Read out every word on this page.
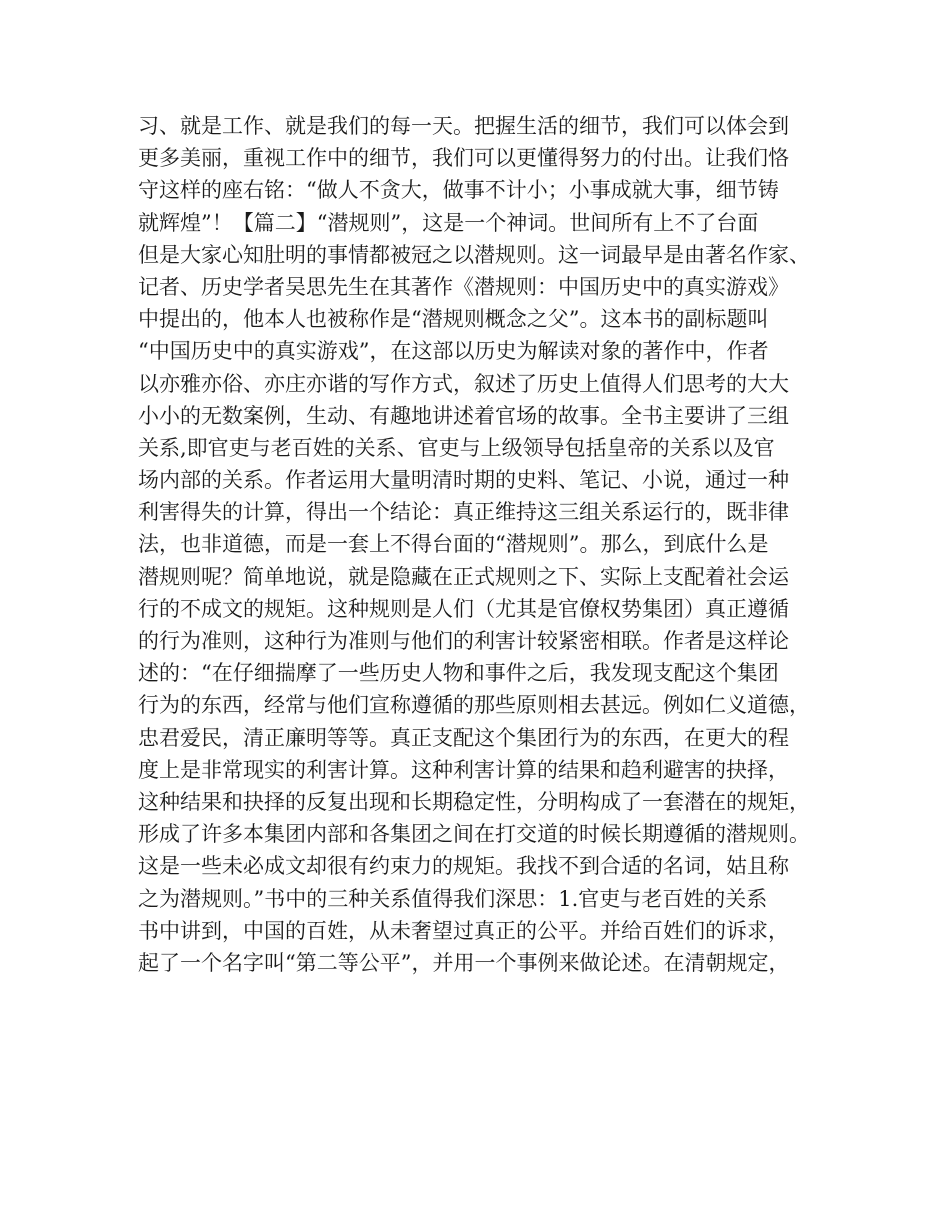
习、就是工作、就是我们的每一天。把握生活的细节，我们可以体会到
更多美丽，重视工作中的细节，我们可以更懂得努力的付出。让我们恪
守这样的座右铭：“做人不贪大，做事不计小；小事成就大事，细节铸
就辉煌”！【篇二】“潜规则”，这是一个神词。世间所有上不了台面
但是大家心知肚明的事情都被冠之以潜规则。这一词最早是由著名作家、
记者、历史学者吴思先生在其著作《潜规则：中国历史中的真实游戏》
中提出的，他本人也被称作是“潜规则概念之父”。这本书的副标题叫
“中国历史中的真实游戏”，在这部以历史为解读对象的著作中，作者
以亦雅亦俗、亦庄亦谐的写作方式，叙述了历史上值得人们思考的大大
小小的无数案例，生动、有趣地讲述着官场的故事。全书主要讲了三组
关系,即官吏与老百姓的关系、官吏与上级领导包括皇帝的关系以及官
场内部的关系。作者运用大量明清时期的史料、笔记、小说，通过一种
利害得失的计算，得出一个结论：真正维持这三组关系运行的，既非律
法，也非道德，而是一套上不得台面的“潜规则”。那么，到底什么是
潜规则呢？简单地说，就是隐藏在正式规则之下、实际上支配着社会运
行的不成文的规矩。这种规则是人们（尤其是官僚权势集团）真正遵循
的行为准则，这种行为准则与他们的利害计较紧密相联。作者是这样论
述的：“在仔细揣摩了一些历史人物和事件之后，我发现支配这个集团
行为的东西，经常与他们宣称遵循的那些原则相去甚远。例如仁义道德，
忠君爱民，清正廉明等等。真正支配这个集团行为的东西，在更大的程
度上是非常现实的利害计算。这种利害计算的结果和趋利避害的抉择，
这种结果和抉择的反复出现和长期稳定性，分明构成了一套潜在的规矩，
形成了许多本集团内部和各集团之间在打交道的时候长期遵循的潜规则。
这是一些未必成文却很有约束力的规矩。我找不到合适的名词，姑且称
之为潜规则。”书中的三种关系值得我们深思：1.官吏与老百姓的关系
书中讲到，中国的百姓，从未奢望过真正的公平。并给百姓们的诉求，
起了一个名字叫“第二等公平”，并用一个事例来做论述。在清朝规定，
